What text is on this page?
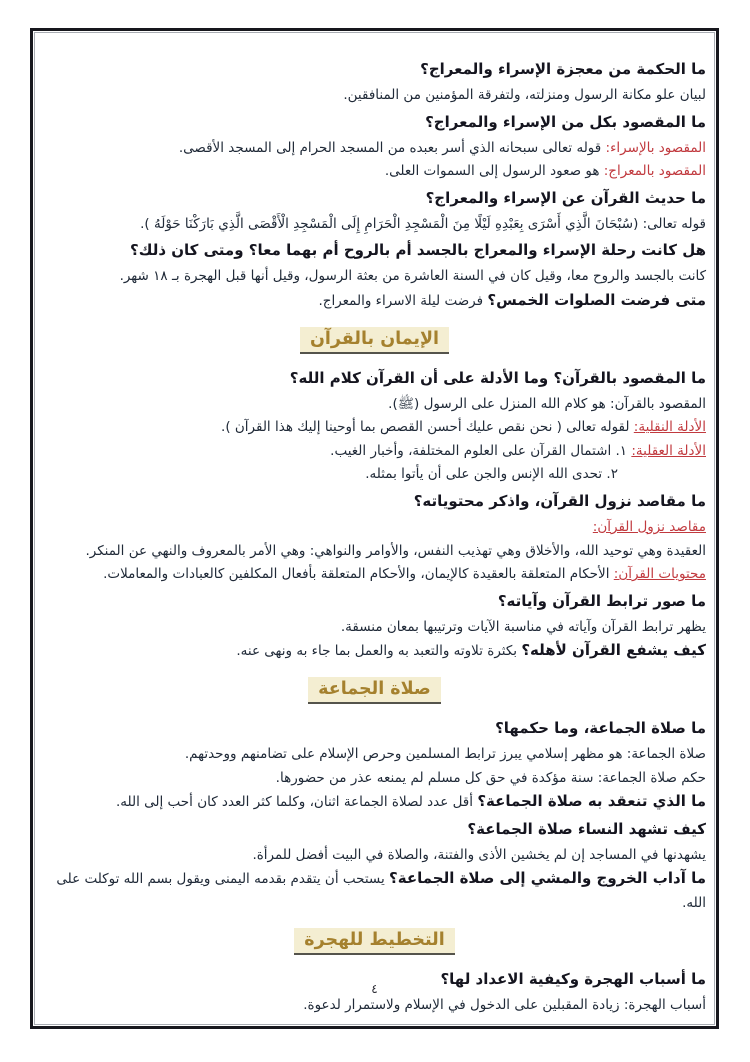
ما الحكمة من معجزة الإسراء والمعراج؟
لبيان علو مكانة الرسول ومنزلته، ولتفرقة المؤمنين من المنافقين.
ما المقصود بكل من الإسراء والمعراج؟
المقصود بالإسراء: قوله تعالى سبحانه الذي أسر بعبده من المسجد الحرام إلى المسجد الأقصى.
المقصود بالمعراج: هو صعود الرسول إلى السموات العلى.
ما حديث القرآن عن الإسراء والمعراج؟
قوله تعالى: (سُبْحَانَ الَّذِي أَسْرَى بِعَبْدِهِ لَيْلًا مِنَ الْمَسْجِدِ الْحَرَامِ إِلَى الْمَسْجِدِ الْأَقْصَى الَّذِي بَارَكْنَا حَوْلَهُ ).
هل كانت رحلة الإسراء والمعراج بالجسد أم بالروح أم بهما معا؟ ومتى كان ذلك؟
كانت بالجسد والروح معا، وقيل كان في السنة العاشرة من بعثة الرسول، وقيل أنها قبل الهجرة بـ ١٨ شهر.
متى فرضت الصلوات الخمس؟ فرضت ليلة الاسراء والمعراج.
الإيمان بالقرآن
ما المقصود بالقرآن؟ وما الأدلة على أن القرآن كلام الله؟
المقصود بالقرآن: هو كلام الله المنزل على الرسول (ﷺ).
الأدلة النقلية: لقوله تعالى ( نحن نقص عليك أحسن القصص بما أوحينا إليك هذا القرآن ).
الأدلة العقلية: ١. اشتمال القرآن على العلوم المختلفة، وأخبار الغيب.
٢. تحدى الله الإنس والجن على أن يأتوا بمثله.
ما مقاصد نزول القرآن، واذكر محتوياته؟
مقاصد نزول القرآن:
العقيدة وهي توحيد الله، والأخلاق وهي تهذيب النفس، والأوامر والنواهي: وهي الأمر بالمعروف والنهي عن المنكر.
محتويات القرآن: الأحكام المتعلقة بالعقيدة كالإيمان، والأحكام المتعلقة بأفعال المكلفين كالعبادات والمعاملات.
ما صور ترابط القرآن وآياته؟
يظهر ترابط القرآن وآياته في مناسبة الآيات وترتيبها بمعان منسقة.
كيف يشفع القرآن لأهله؟ بكثرة تلاوته والتعبد به والعمل بما جاء به ونهى عنه.
صلاة الجماعة
ما صلاة الجماعة، وما حكمها؟
صلاة الجماعة: هو مظهر إسلامي يبرز ترابط المسلمين وحرص الإسلام على تضامنهم ووحدتهم.
حكم صلاة الجماعة: سنة مؤكدة في حق كل مسلم لم يمنعه عذر من حضورها.
ما الذي تنعقد به صلاة الجماعة؟ أقل عدد لصلاة الجماعة اثنان، وكلما كثر العدد كان أحب إلى الله.
كيف تشهد النساء صلاة الجماعة؟
يشهدنها في المساجد إن لم يخشين الأذى والفتنة، والصلاة في البيت أفضل للمرأة.
ما آداب الخروج والمشي إلى صلاة الجماعة؟ يستحب أن يتقدم بقدمه اليمنى ويقول بسم الله توكلت على الله.
التخطيط للهجرة
ما أسباب الهجرة وكيفية الاعداد لها؟
أسباب الهجرة: زيادة المقبلين على الدخول في الإسلام ولاستمرار لدعوة.
٤
